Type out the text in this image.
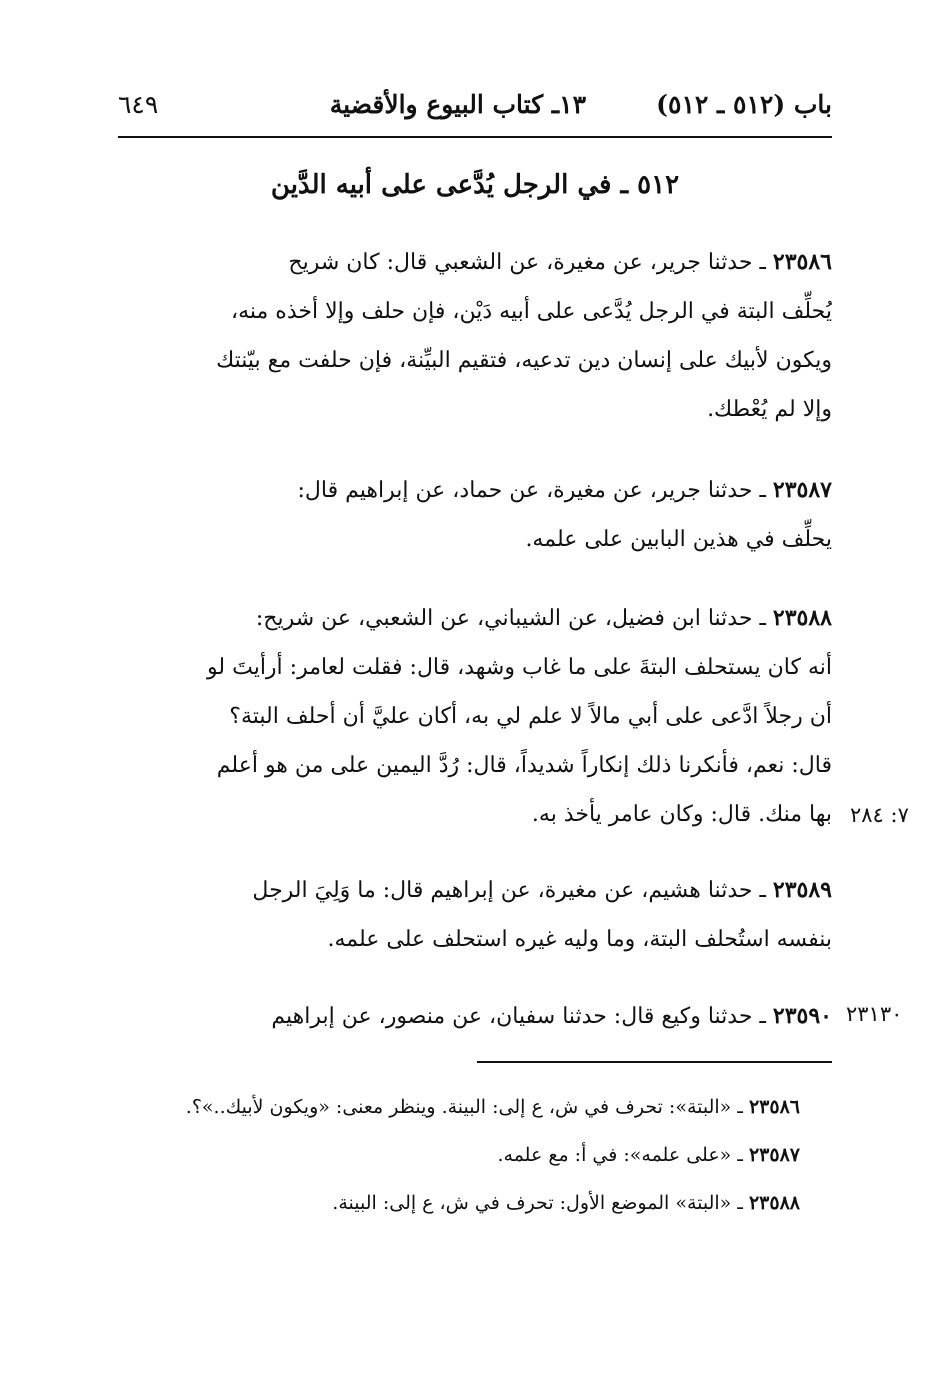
باب (٥١٢ ـ ٥١٢)
١٣ـ كتاب البيوع والأقضية
٦٤٩
٥١٢ ـ في الرجل يُدَّعى على أبيه الدَّين
٢٣٥٨٦ ـ حدثنا جرير، عن مغيرة، عن الشعبي قال: كان شريح
يُحلِّف البتة في الرجل يُدَّعى على أبيه دَيْن، فإن حلف وإلا أخذه منه،
ويكون لأبيك على إنسان دين تدعيه، فتقيم البيِّنة، فإن حلفت مع بيّنتك
وإلا لم يُعْطك.
٢٣٥٨٧ ـ حدثنا جرير، عن مغيرة، عن حماد، عن إبراهيم قال:
يحلِّف في هذين البابين على علمه.
٢٣٥٨٨ ـ حدثنا ابن فضيل، عن الشيباني، عن الشعبي، عن شريح:
أنه كان يستحلف البتةَ على ما غاب وشهد، قال: فقلت لعامر: أرأيتَ لو
أن رجلاً ادَّعى على أبي مالاً لا علم لي به، أكان عليَّ أن أحلف البتة؟
قال: نعم، فأنكرنا ذلك إنكاراً شديداً، قال: رُدَّ اليمين على من هو أعلم
بها منك. قال: وكان عامر يأخذ به. ٧: ٢٨٤
٢٣٥٨٩ ـ حدثنا هشيم، عن مغيرة، عن إبراهيم قال: ما وَلِيَ الرجل
بنفسه استُحلف البتة، وما وليه غيره استحلف على علمه.
٢٣٥٩٠ ـ حدثنا وكيع قال: حدثنا سفيان، عن منصور، عن إبراهيم	٢٣١٣٠
٢٣٥٨٦ ـ «البتة»: تحرف في ش، ع إلى: البينة. وينظر معنى: «ويكون لأبيك..»؟.
٢٣٥٨٧ ـ «على علمه»: في أ: مع علمه.
٢٣٥٨٨ ـ «البتة» الموضع الأول: تحرف في ش، ع إلى: البينة.
